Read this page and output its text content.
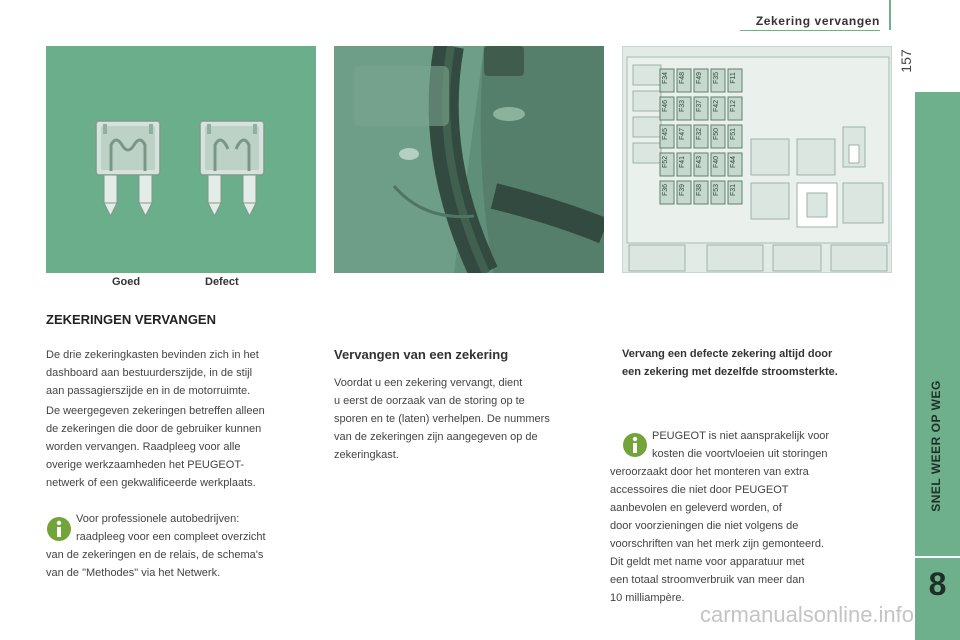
Zekering vervangen
157
SNEL WEER OP WEG
8
F34
F46
F45
F52
F36
F48
F33
F47
F41
F39
F49
F37
F32
F43
F38
F35
F42
F50
F40
F53
F11
F12
F51
F44
F31
Goed	Defect
ZEKERINGEN VERVANGEN
De drie zekeringkasten bevinden zich in het
dashboard aan bestuurderszijde, in de stijl
aan passagierszijde en in de motorruimte.
De weergegeven zekeringen betreffen alleen
de zekeringen die door de gebruiker kunnen
worden vervangen. Raadpleeg voor alle
overige werkzaamheden het PEUGEOT-
netwerk of een gekwalificeerde werkplaats.
Voor professionele autobedrijven:
raadpleeg voor een compleet overzicht
van de zekeringen en de relais, de schema's
van de "Methodes" via het Netwerk.
Vervangen van een zekering
Voordat u een zekering vervangt, dient
u eerst de oorzaak van de storing op te
sporen en te (laten) verhelpen. De nummers
van de zekeringen zijn aangegeven op de
zekeringkast.
Vervang een defecte zekering altijd door
een zekering met dezelfde stroomsterkte.
PEUGEOT is niet aansprakelijk voor
kosten die voortvloeien uit storingen
veroorzaakt door het monteren van extra
accessoires die niet door PEUGEOT
aanbevolen en geleverd worden, of
door voorzieningen die niet volgens de
voorschriften van het merk zijn gemonteerd.
Dit geldt met name voor apparatuur met
een totaal stroomverbruik van meer dan
10 milliampère.
carmanualsonline.info
